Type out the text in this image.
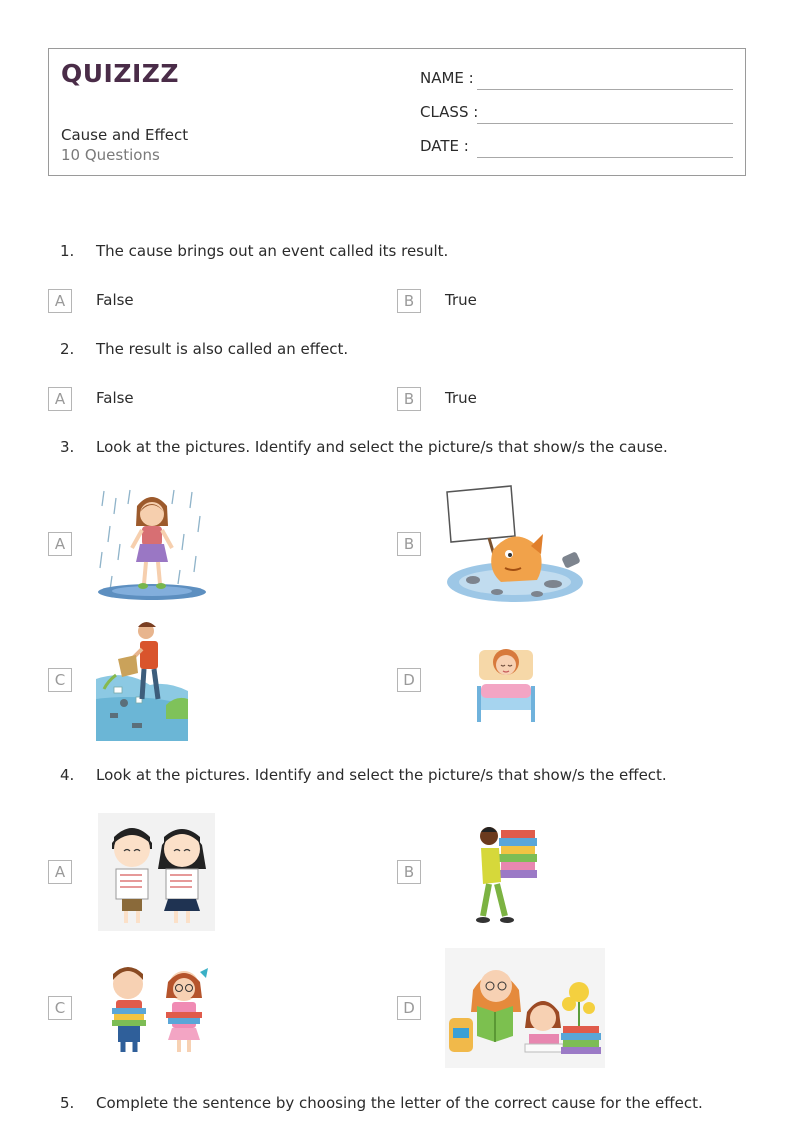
QUIZIZZ
Cause and Effect
10 Questions
NAME :
CLASS :
DATE :
1. The cause brings out an event called its result.
A	False	B	True
2. The result is also called an effect.
A	False	B	True
3. Look at the pictures. Identify and select the picture/s that show/s the cause.
A	B
C	D
4. Look at the pictures. Identify and select the picture/s that show/s the effect.
A	B
C	D
5. Complete the sentence by choosing the letter of the correct cause for the effect.
